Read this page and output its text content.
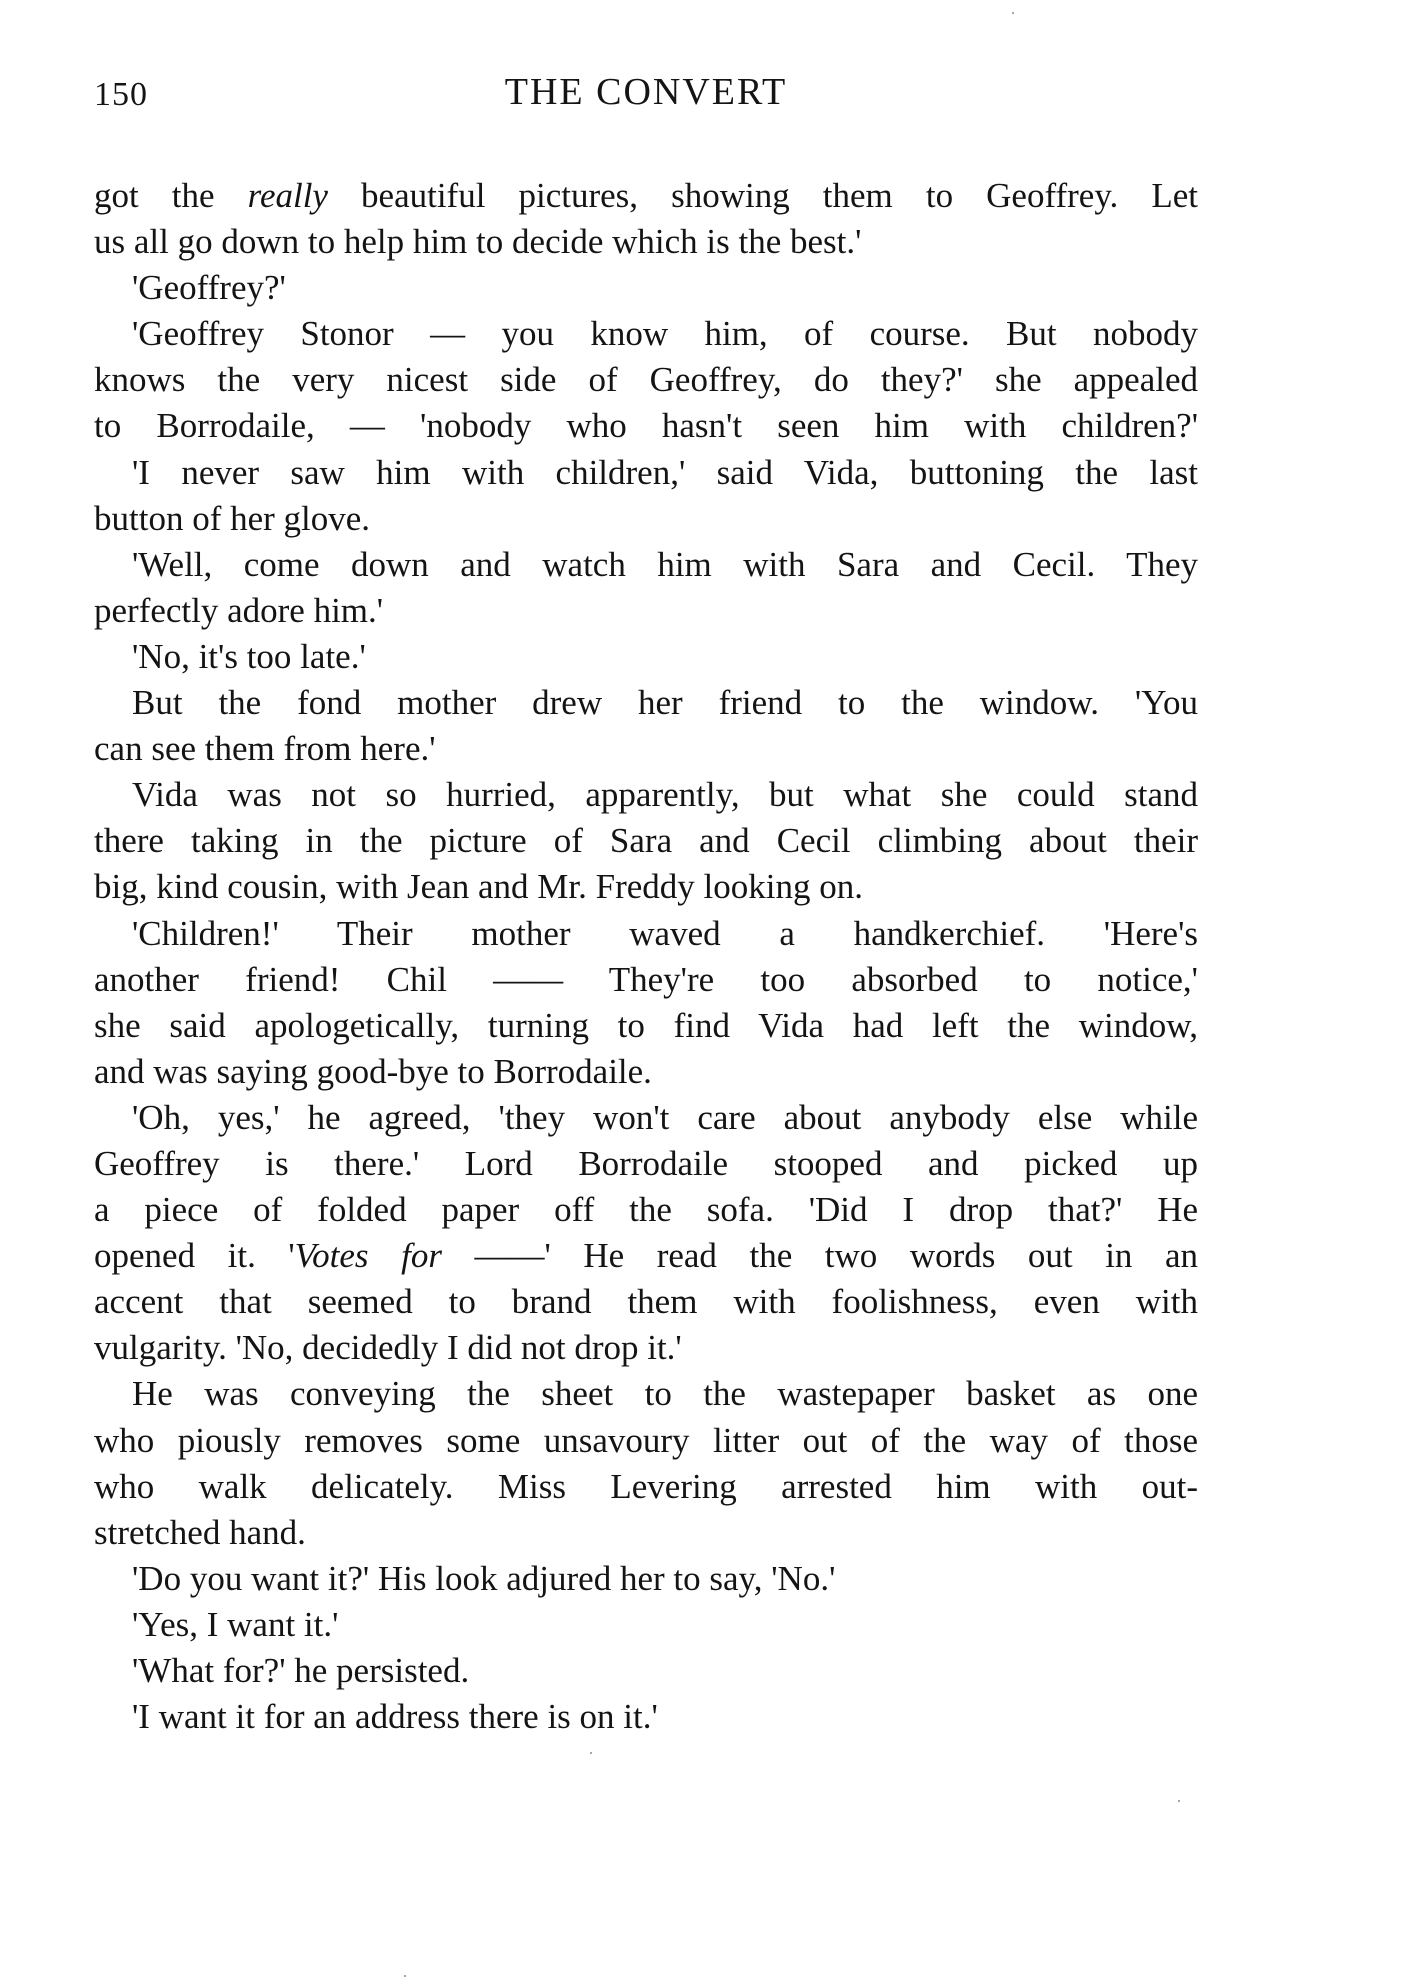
150	THE CONVERT
got the really beautiful pictures, showing them to Geoffrey. Let
us all go down to help him to decide which is the best.'
'Geoffrey?'
'Geoffrey Stonor — you know him, of course. But nobody
knows the very nicest side of Geoffrey, do they?' she appealed
to Borrodaile, — 'nobody who hasn't seen him with children?'
'I never saw him with children,' said Vida, buttoning the last
button of her glove.
'Well, come down and watch him with Sara and Cecil. They
perfectly adore him.'
'No, it's too late.'
But the fond mother drew her friend to the window. 'You
can see them from here.'
Vida was not so hurried, apparently, but what she could stand
there taking in the picture of Sara and Cecil climbing about their
big, kind cousin, with Jean and Mr. Freddy looking on.
'Children!' Their mother waved a handkerchief. 'Here's
another friend! Chil —— They're too absorbed to notice,'
she said apologetically, turning to find Vida had left the window,
and was saying good-bye to Borrodaile.
'Oh, yes,' he agreed, 'they won't care about anybody else while
Geoffrey is there.' Lord Borrodaile stooped and picked up
a piece of folded paper off the sofa. 'Did I drop that?' He
opened it. 'Votes for ——' He read the two words out in an
accent that seemed to brand them with foolishness, even with
vulgarity. 'No, decidedly I did not drop it.'
He was conveying the sheet to the wastepaper basket as one
who piously removes some unsavoury litter out of the way of those
who walk delicately. Miss Levering arrested him with out-
stretched hand.
'Do you want it?' His look adjured her to say, 'No.'
'Yes, I want it.'
'What for?' he persisted.
'I want it for an address there is on it.'
